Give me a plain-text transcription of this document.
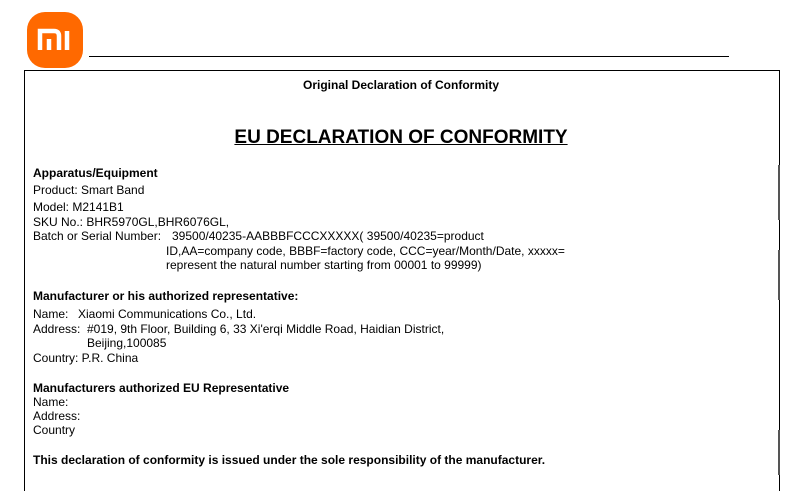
Original Declaration of Conformity
EU DECLARATION OF CONFORMITY
Apparatus/Equipment
Product: Smart Band
Model: M2141B1
SKU No.: BHR5970GL,BHR6076GL,
Batch or Serial Number: 39500/40235-AABBBFCCCXXXXX( 39500/40235=product
ID,AA=company code, BBBF=factory code, CCC=year/Month/Date, xxxxx=
represent the natural number starting from 00001 to 99999)
Manufacturer or his authorized representative:
Name: Xiaomi Communications Co., Ltd.
Address: #019, 9th Floor, Building 6, 33 Xi'erqi Middle Road, Haidian District,
Beijing,100085
Country: P.R. China
Manufacturers authorized EU Representative
Name:
Address:
Country
This declaration of conformity is issued under the sole responsibility of the manufacturer.
